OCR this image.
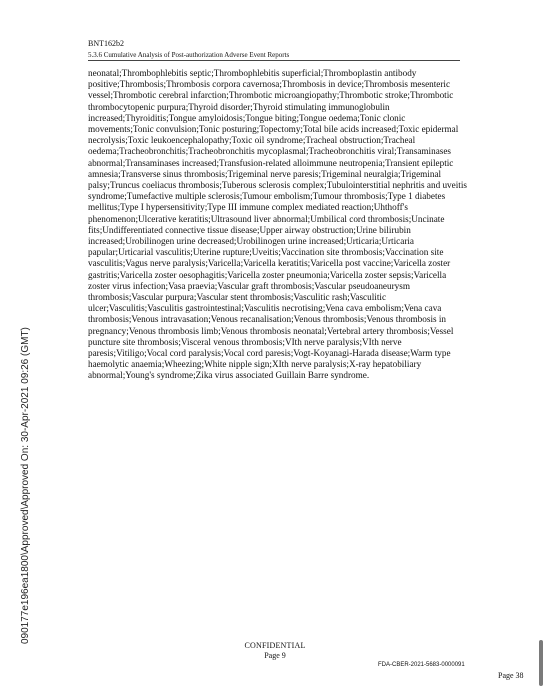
BNT162b2
5.3.6 Cumulative Analysis of Post-authorization Adverse Event Reports
neonatal;Thrombophlebitis septic;Thrombophlebitis superficial;Thromboplastin antibody positive;Thrombosis;Thrombosis corpora cavernosa;Thrombosis in device;Thrombosis mesenteric vessel;Thrombotic cerebral infarction;Thrombotic microangiopathy;Thrombotic stroke;Thrombotic thrombocytopenic purpura;Thyroid disorder;Thyroid stimulating immunoglobulin increased;Thyroiditis;Tongue amyloidosis;Tongue biting;Tongue oedema;Tonic clonic movements;Tonic convulsion;Tonic posturing;Topectomy;Total bile acids increased;Toxic epidermal necrolysis;Toxic leukoencephalopathy;Toxic oil syndrome;Tracheal obstruction;Tracheal oedema;Tracheobronchitis;Tracheobronchitis mycoplasmal;Tracheobronchitis viral;Transaminases abnormal;Transaminases increased;Transfusion-related alloimmune neutropenia;Transient epileptic amnesia;Transverse sinus thrombosis;Trigeminal nerve paresis;Trigeminal neuralgia;Trigeminal palsy;Truncus coeliacus thrombosis;Tuberous sclerosis complex;Tubulointerstitial nephritis and uveitis syndrome;Tumefactive multiple sclerosis;Tumour embolism;Tumour thrombosis;Type 1 diabetes mellitus;Type I hypersensitivity;Type III immune complex mediated reaction;Uhthoff's phenomenon;Ulcerative keratitis;Ultrasound liver abnormal;Umbilical cord thrombosis;Uncinate fits;Undifferentiated connective tissue disease;Upper airway obstruction;Urine bilirubin increased;Urobilinogen urine decreased;Urobilinogen urine increased;Urticaria;Urticaria papular;Urticarial vasculitis;Uterine rupture;Uveitis;Vaccination site thrombosis;Vaccination site vasculitis;Vagus nerve paralysis;Varicella;Varicella keratitis;Varicella post vaccine;Varicella zoster gastritis;Varicella zoster oesophagitis;Varicella zoster pneumonia;Varicella zoster sepsis;Varicella zoster virus infection;Vasa praevia;Vascular graft thrombosis;Vascular pseudoaneurysm thrombosis;Vascular purpura;Vascular stent thrombosis;Vasculitic rash;Vasculitic ulcer;Vasculitis;Vasculitis gastrointestinal;Vasculitis necrotising;Vena cava embolism;Vena cava thrombosis;Venous intravasation;Venous recanalisation;Venous thrombosis;Venous thrombosis in pregnancy;Venous thrombosis limb;Venous thrombosis neonatal;Vertebral artery thrombosis;Vessel puncture site thrombosis;Visceral venous thrombosis;VIth nerve paralysis;VIth nerve paresis;Vitiligo;Vocal cord paralysis;Vocal cord paresis;Vogt-Koyanagi-Harada disease;Warm type haemolytic anaemia;Wheezing;White nipple sign;XIth nerve paralysis;X-ray hepatobiliary abnormal;Young's syndrome;Zika virus associated Guillain Barre syndrome.
090177e196ea1800\Approved\Approved On: 30-Apr-2021 09:26 (GMT)
CONFIDENTIAL
Page 9
FDA-CBER-2021-5683-0000091
Page 38
